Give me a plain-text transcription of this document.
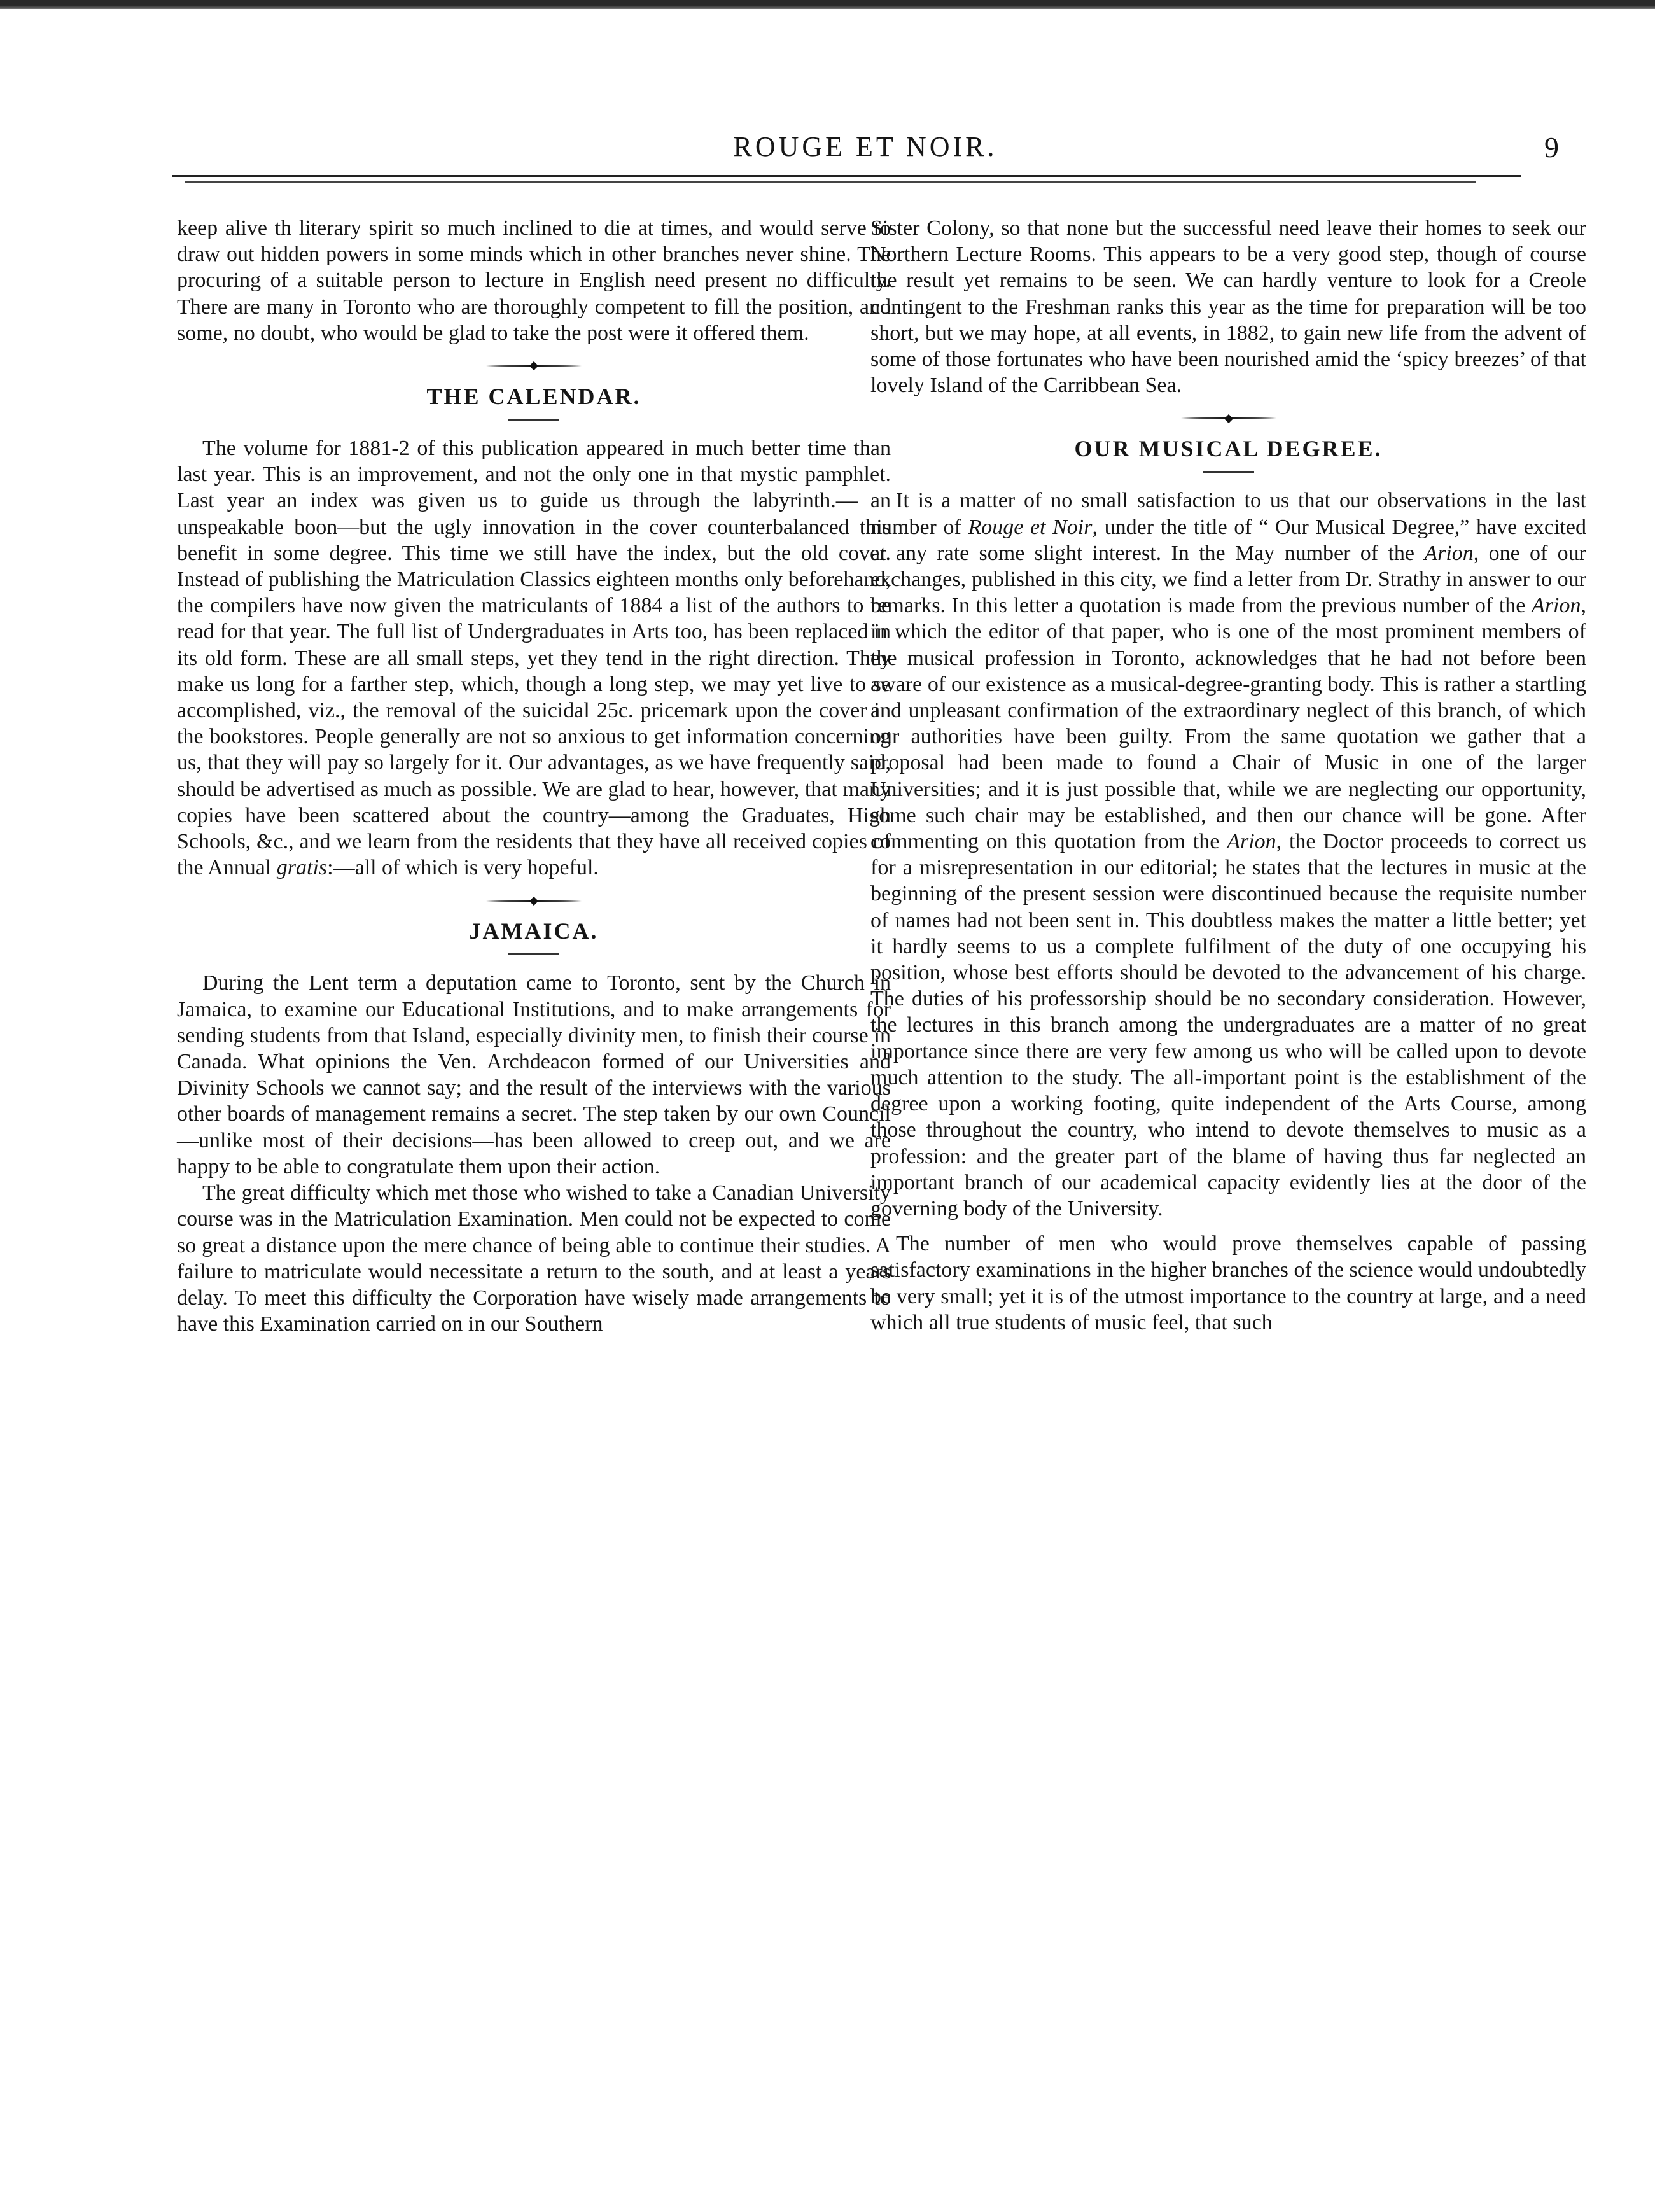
ROUGE ET NOIR.	9

keep alive th literary spirit so much inclined to die at times, and would serve to draw out hidden powers in some minds which in other branches never shine. The procuring of a suitable person to lecture in English need present no difficulty. There are many in Toronto who are thoroughly competent to fill the position, and some, no doubt, who would be glad to take the post were it offered them.

THE CALENDAR.

The volume for 1881-2 of this publication appeared in much better time than last year. This is an improvement, and not the only one in that mystic pamphlet. Last year an index was given us to guide us through the labyrinth.— an unspeakable boon—but the ugly innovation in the cover counterbalanced this benefit in some degree. This time we still have the index, but the old cover. Instead of publishing the Matriculation Classics eighteen months only beforehand, the compilers have now given the matriculants of 1884 a list of the authors to be read for that year. The full list of Undergraduates in Arts too, has been replaced in its old form. These are all small steps, yet they tend in the right direction. They make us long for a farther step, which, though a long step, we may yet live to se accomplished, viz., the removal of the suicidal 25c. pricemark upon the cover in the bookstores. People generally are not so anxious to get information concerning us, that they will pay so largely for it. Our advantages, as we have frequently said, should be advertised as much as possible. We are glad to hear, however, that many copies have been scattered about the country—among the Graduates, High Schools, &c., and we learn from the residents that they have all received copies of the Annual gratis:—all of which is very hopeful.

JAMAICA.

During the Lent term a deputation came to Toronto, sent by the Church in Jamaica, to examine our Educational Institutions, and to make arrangements for sending students from that Island, especially divinity men, to finish their course in Canada. What opinions the Ven. Archdeacon formed of our Universities and Divinity Schools we cannot say; and the result of the interviews with the various other boards of management remains a secret. The step taken by our own Council—unlike most of their decisions—has been allowed to creep out, and we are happy to be able to congratulate them upon their action.

The great difficulty which met those who wished to take a Canadian University course was in the Matriculation Examination. Men could not be expected to come so great a distance upon the mere chance of being able to continue their studies. A failure to matriculate would necessitate a return to the south, and at least a years delay. To meet this difficulty the Corporation have wisely made arrangements to have this Examination carried on in our Southern

Sister Colony, so that none but the successful need leave their homes to seek our Northern Lecture Rooms. This appears to be a very good step, though of course the result yet remains to be seen. We can hardly venture to look for a Creole contingent to the Freshman ranks this year as the time for preparation will be too short, but we may hope, at all events, in 1882, to gain new life from the advent of some of those fortunates who have been nourished amid the ‘spicy breezes’ of that lovely Island of the Carribbean Sea.

OUR MUSICAL DEGREE.

It is a matter of no small satisfaction to us that our observations in the last number of Rouge et Noir, under the title of “ Our Musical Degree,” have excited at any rate some slight interest. In the May number of the Arion, one of our exchanges, published in this city, we find a letter from Dr. Strathy in answer to our remarks. In this letter a quotation is made from the previous number of the Arion, in which the editor of that paper, who is one of the most prominent members of the musical profession in Toronto, acknowledges that he had not before been aware of our existence as a musical-degree-granting body. This is rather a startling and unpleasant confirmation of the extraordinary neglect of this branch, of which our authorities have been guilty. From the same quotation we gather that a proposal had been made to found a Chair of Music in one of the larger Universities; and it is just possible that, while we are neglecting our opportunity, some such chair may be established, and then our chance will be gone. After commenting on this quotation from the Arion, the Doctor proceeds to correct us for a misrepresentation in our editorial; he states that the lectures in music at the beginning of the present session were discontinued because the requisite number of names had not been sent in. This doubtless makes the matter a little better; yet it hardly seems to us a complete fulfilment of the duty of one occupying his position, whose best efforts should be devoted to the advancement of his charge. The duties of his professorship should be no secondary consideration. However, the lectures in this branch among the undergraduates are a matter of no great importance since there are very few among us who will be called upon to devote much attention to the study. The all-important point is the establishment of the degree upon a working footing, quite independent of the Arts Course, among those throughout the country, who intend to devote themselves to music as a profession: and the greater part of the blame of having thus far neglected an important branch of our academical capacity evidently lies at the door of the governing body of the University.

The number of men who would prove themselves capable of passing satisfactory examinations in the higher branches of the science would undoubtedly be very small; yet it is of the utmost importance to the country at large, and a need which all true students of music feel, that such
